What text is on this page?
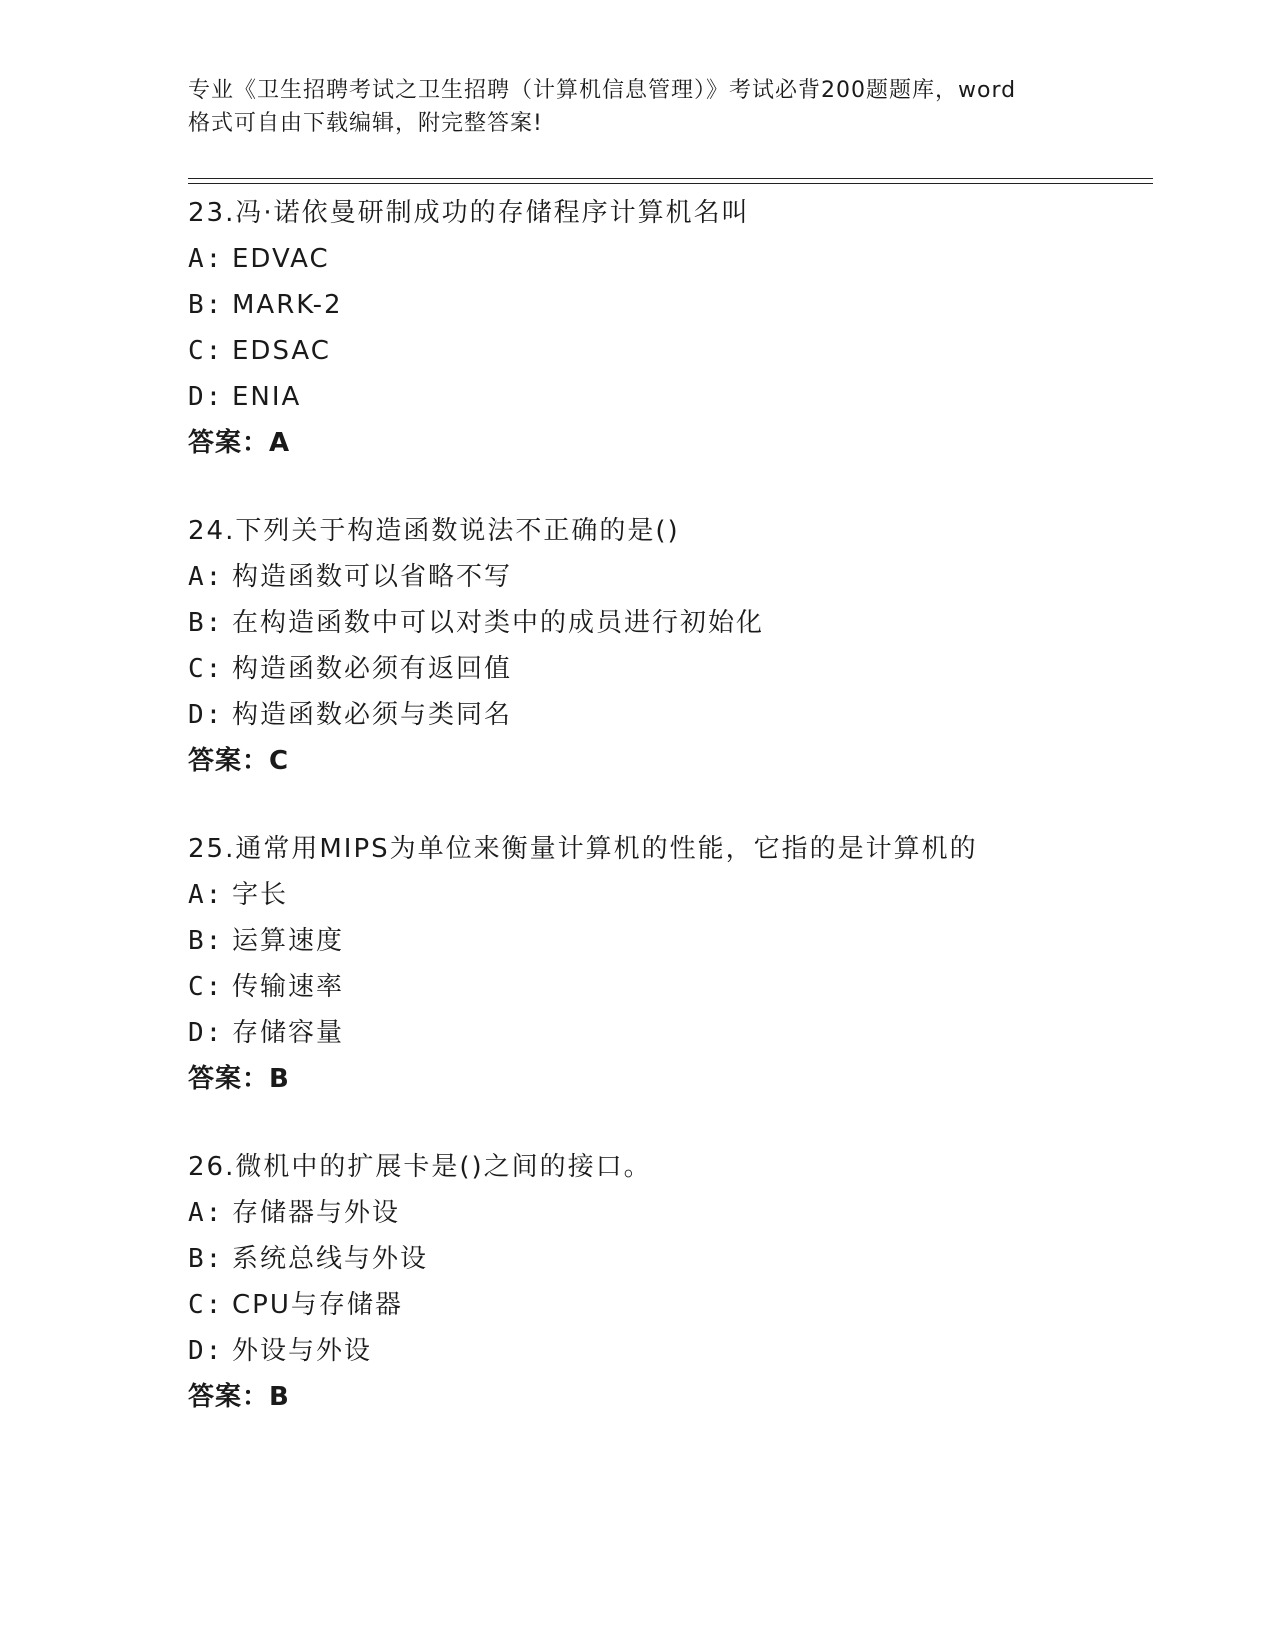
专业《卫生招聘考试之卫生招聘（计算机信息管理）》考试必背200题题库，word
格式可自由下载编辑，附完整答案!
23.冯·诺依曼研制成功的存储程序计算机名叫
A: EDVAC
B: MARK-2
C: EDSAC
D: ENIA
答案：A
24.下列关于构造函数说法不正确的是()
A: 构造函数可以省略不写
B: 在构造函数中可以对类中的成员进行初始化
C: 构造函数必须有返回值
D: 构造函数必须与类同名
答案：C
25.通常用MIPS为单位来衡量计算机的性能，它指的是计算机的
A: 字长
B: 运算速度
C: 传输速率
D: 存储容量
答案：B
26.微机中的扩展卡是()之间的接口。
A: 存储器与外设
B: 系统总线与外设
C: CPU与存储器
D: 外设与外设
答案：B
